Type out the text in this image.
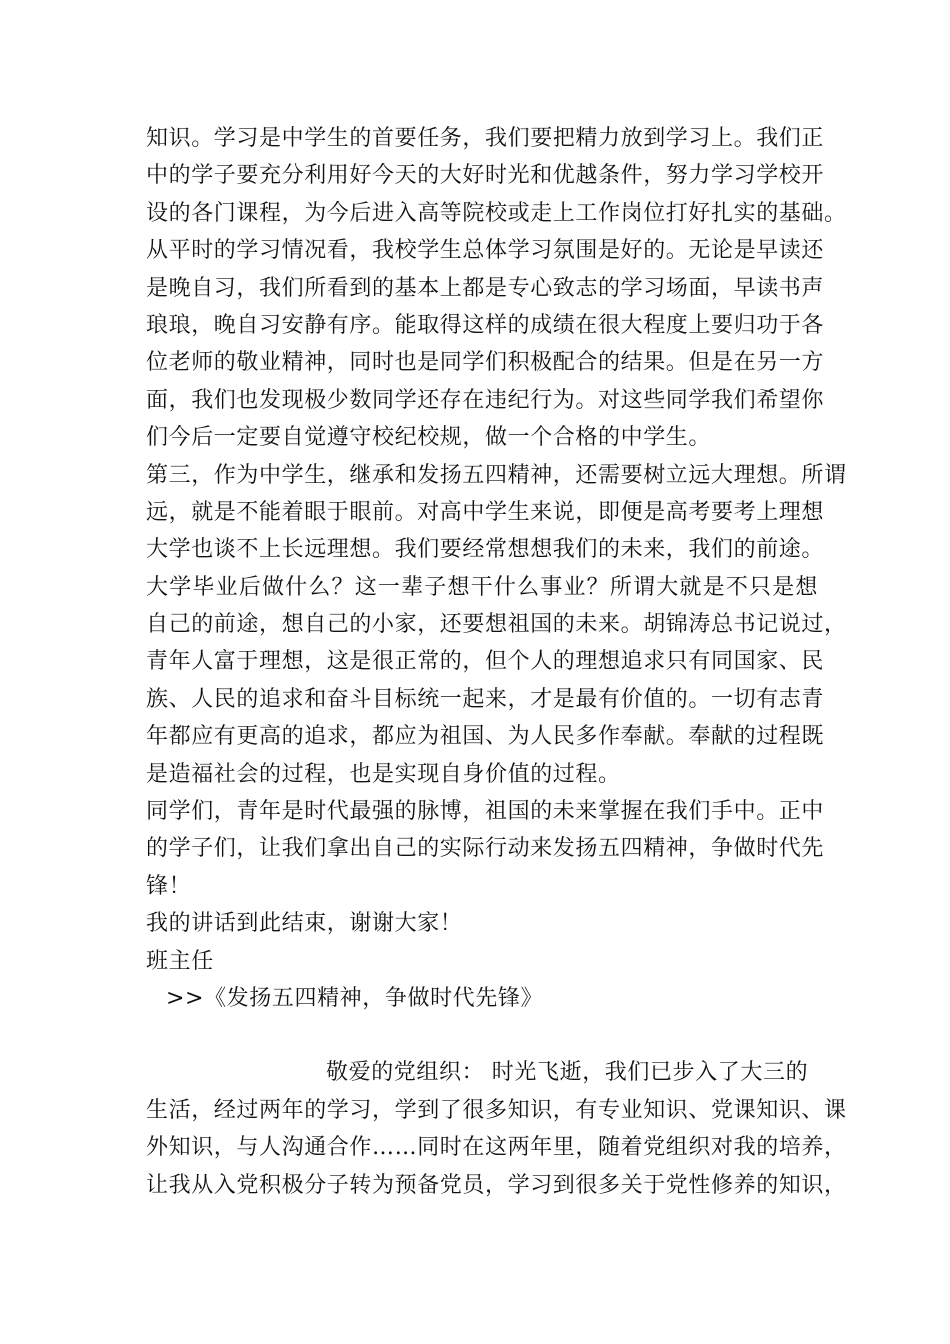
知识。学习是中学生的首要任务，我们要把精力放到学习上。我们正
中的学子要充分利用好今天的大好时光和优越条件，努力学习学校开
设的各门课程，为今后进入高等院校或走上工作岗位打好扎实的基础。
从平时的学习情况看，我校学生总体学习氛围是好的。无论是早读还
是晚自习，我们所看到的基本上都是专心致志的学习场面，早读书声
琅琅，晚自习安静有序。能取得这样的成绩在很大程度上要归功于各
位老师的敬业精神，同时也是同学们积极配合的结果。但是在另一方
面，我们也发现极少数同学还存在违纪行为。对这些同学我们希望你
们今后一定要自觉遵守校纪校规，做一个合格的中学生。
第三，作为中学生，继承和发扬五四精神，还需要树立远大理想。所谓
远，就是不能着眼于眼前。对高中学生来说，即便是高考要考上理想
大学也谈不上长远理想。我们要经常想想我们的未来，我们的前途。
大学毕业后做什么？这一辈子想干什么事业？所谓大就是不只是想
自己的前途，想自己的小家，还要想祖国的未来。胡锦涛总书记说过，
青年人富于理想，这是很正常的，但个人的理想追求只有同国家、民
族、人民的追求和奋斗目标统一起来，才是最有价值的。一切有志青
年都应有更高的追求，都应为祖国、为人民多作奉献。奉献的过程既
是造福社会的过程，也是实现自身价值的过程。
同学们，青年是时代最强的脉博，祖国的未来掌握在我们手中。正中
的学子们，让我们拿出自己的实际行动来发扬五四精神，争做时代先
锋！
我的讲话到此结束，谢谢大家！
班主任
>>《发扬五四精神，争做时代先锋》
敬爱的党组织： 时光飞逝，我们已步入了大三的
生活，经过两年的学习，学到了很多知识，有专业知识、党课知识、课
外知识，与人沟通合作……同时在这两年里，随着党组织对我的培养，
让我从入党积极分子转为预备党员，学习到很多关于党性修养的知识，
